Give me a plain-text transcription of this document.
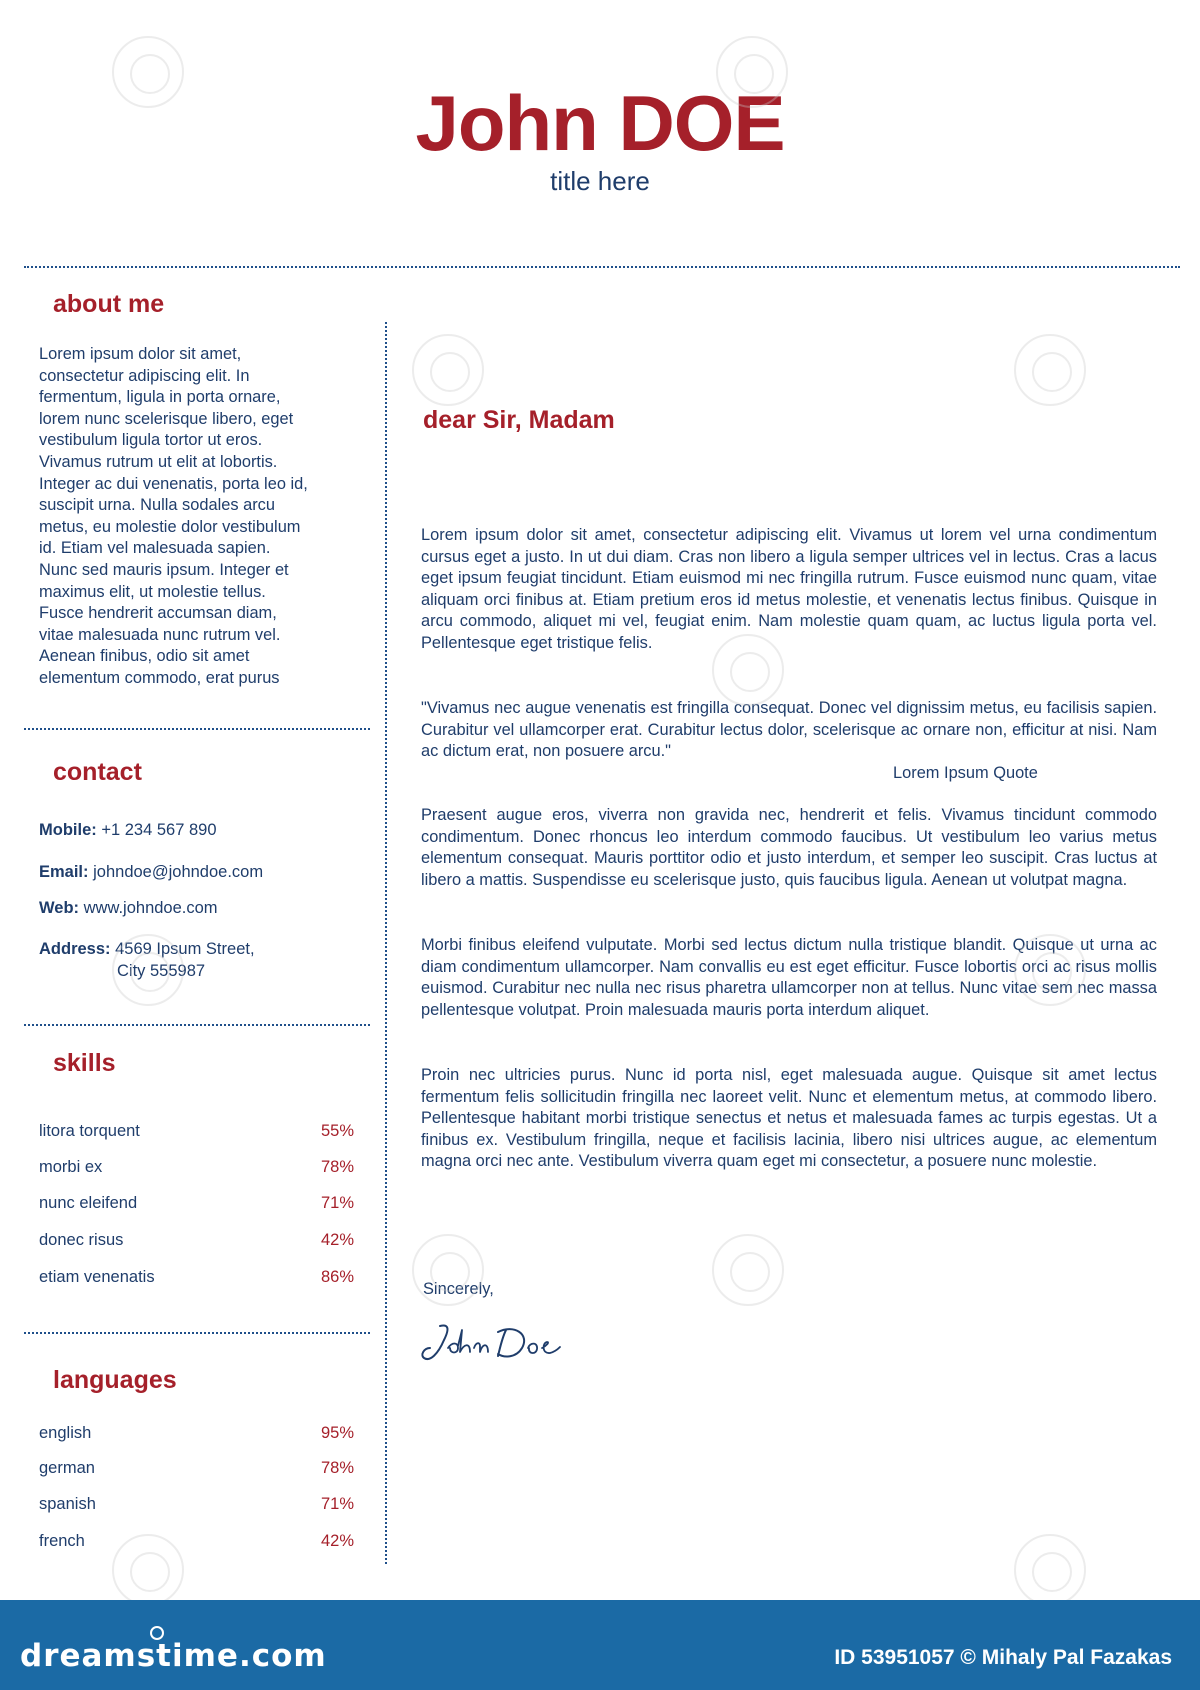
John DOE
title here
about me
Lorem ipsum dolor sit amet,
consectetur adipiscing elit. In
fermentum, ligula in porta ornare,
lorem nunc scelerisque libero, eget
vestibulum ligula tortor ut eros.
Vivamus rutrum ut elit at lobortis.
Integer ac dui venenatis, porta leo id,
suscipit urna. Nulla sodales arcu
metus, eu molestie dolor vestibulum
id. Etiam vel malesuada sapien.
Nunc sed mauris ipsum. Integer et
maximus elit, ut molestie tellus.
Fusce hendrerit accumsan diam,
vitae malesuada nunc rutrum vel.
Aenean finibus, odio sit amet
elementum commodo, erat purus
contact
Mobile: +1 234 567 890
Email: johndoe@johndoe.com
Web: www.johndoe.com
Address: 4569 Ipsum Street,
City 555987
skills
litora torquent	55%
morbi ex	78%
nunc eleifend	71%
donec risus	42%
etiam venenatis	86%
languages
english	95%
german	78%
spanish	71%
french	42%
dear Sir, Madam
Lorem ipsum dolor sit amet, consectetur adipiscing elit. Vivamus ut lorem vel urna condimentum cursus eget a justo. In ut dui diam. Cras non libero a ligula semper ultrices vel in lectus. Cras a lacus eget ipsum feugiat tincidunt. Etiam euismod mi nec fringilla rutrum. Fusce euismod nunc quam, vitae aliquam orci finibus at. Etiam pretium eros id metus molestie, et venenatis lectus finibus. Quisque in arcu commodo, aliquet mi vel, feugiat enim. Nam molestie quam quam, ac luctus ligula porta vel. Pellentesque eget tristique felis.
"Vivamus nec augue venenatis est fringilla consequat. Donec vel dignissim metus, eu facilisis sapien. Curabitur vel ullamcorper erat. Curabitur lectus dolor, scelerisque ac ornare non, efficitur at nisi. Nam ac dictum erat, non posuere arcu."
Lorem Ipsum Quote
Praesent augue eros, viverra non gravida nec, hendrerit et felis. Vivamus tincidunt commodo condimentum. Donec rhoncus leo interdum commodo faucibus. Ut vestibulum leo varius metus elementum consequat. Mauris porttitor odio et justo interdum, et semper leo suscipit. Cras luctus at libero a mattis. Suspendisse eu scelerisque justo, quis faucibus ligula. Aenean ut volutpat magna.
Morbi finibus eleifend vulputate. Morbi sed lectus dictum nulla tristique blandit. Quisque ut urna ac diam condimentum ullamcorper. Nam convallis eu est eget efficitur. Fusce lobortis orci ac risus mollis euismod. Curabitur nec nulla nec risus pharetra ullamcorper non at tellus. Nunc vitae sem nec massa pellentesque volutpat. Proin malesuada mauris porta interdum aliquet.
Proin nec ultricies purus. Nunc id porta nisl, eget malesuada augue. Quisque sit amet lectus fermentum felis sollicitudin fringilla nec laoreet velit. Nunc et elementum metus, at commodo libero. Pellentesque habitant morbi tristique senectus et netus et malesuada fames ac turpis egestas. Ut a finibus ex. Vestibulum fringilla, neque et facilisis lacinia, libero nisi ultrices augue, ac elementum magna orci nec ante. Vestibulum viverra quam eget mi consectetur, a posuere nunc molestie.
Sincerely,
dreamstime.com	ID 53951057 © Mihaly Pal Fazakas
